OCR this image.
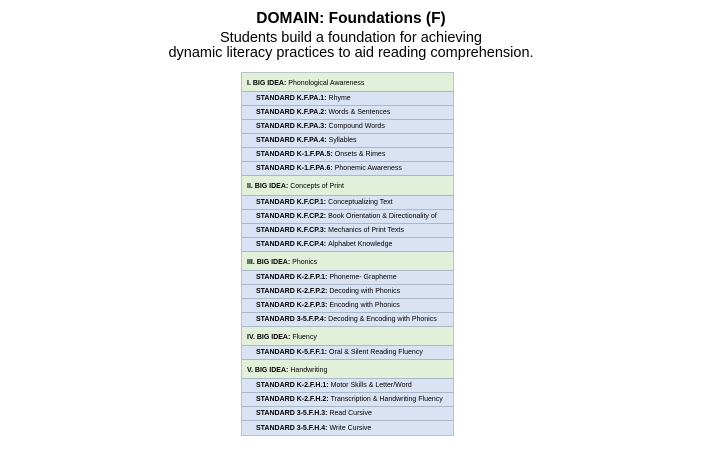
DOMAIN: Foundations (F)
Students build a foundation for achieving
dynamic literacy practices to aid reading comprehension.
I. BIG IDEA: Phonological Awareness
STANDARD K.F.PA.1: Rhyme
STANDARD K.F.PA.2: Words & Sentences
STANDARD K.F.PA.3: Compound Words
STANDARD K.F.PA.4: Syllables
STANDARD K-1.F.PA.5: Onsets & Rimes
STANDARD K-1.F.PA.6: Phonemic Awareness
II. BIG IDEA: Concepts of Print
STANDARD K.F.CP.1: Conceptualizing Text
STANDARD K.F.CP.2: Book Orientation & Directionality of
STANDARD K.F.CP.3: Mechanics of Print Texts
STANDARD K.F.CP.4: Alphabet Knowledge
III. BIG IDEA: Phonics
STANDARD K-2.F.P.1: Phoneme- Grapheme
STANDARD K-2.F.P.2: Decoding with Phonics
STANDARD K-2.F.P.3: Encoding with Phonics
STANDARD 3-5.F.P.4: Decoding & Encoding with Phonics
IV. BIG IDEA: Fluency
STANDARD K-5.F.F.1: Oral & Silent Reading Fluency
V. BIG IDEA: Handwriting
STANDARD K-2.F.H.1: Motor Skills & Letter/Word
STANDARD K-2.F.H.2: Transcription & Handwriting Fluency
STANDARD 3-5.F.H.3: Read Cursive
STANDARD 3-5.F.H.4: Write Cursive
